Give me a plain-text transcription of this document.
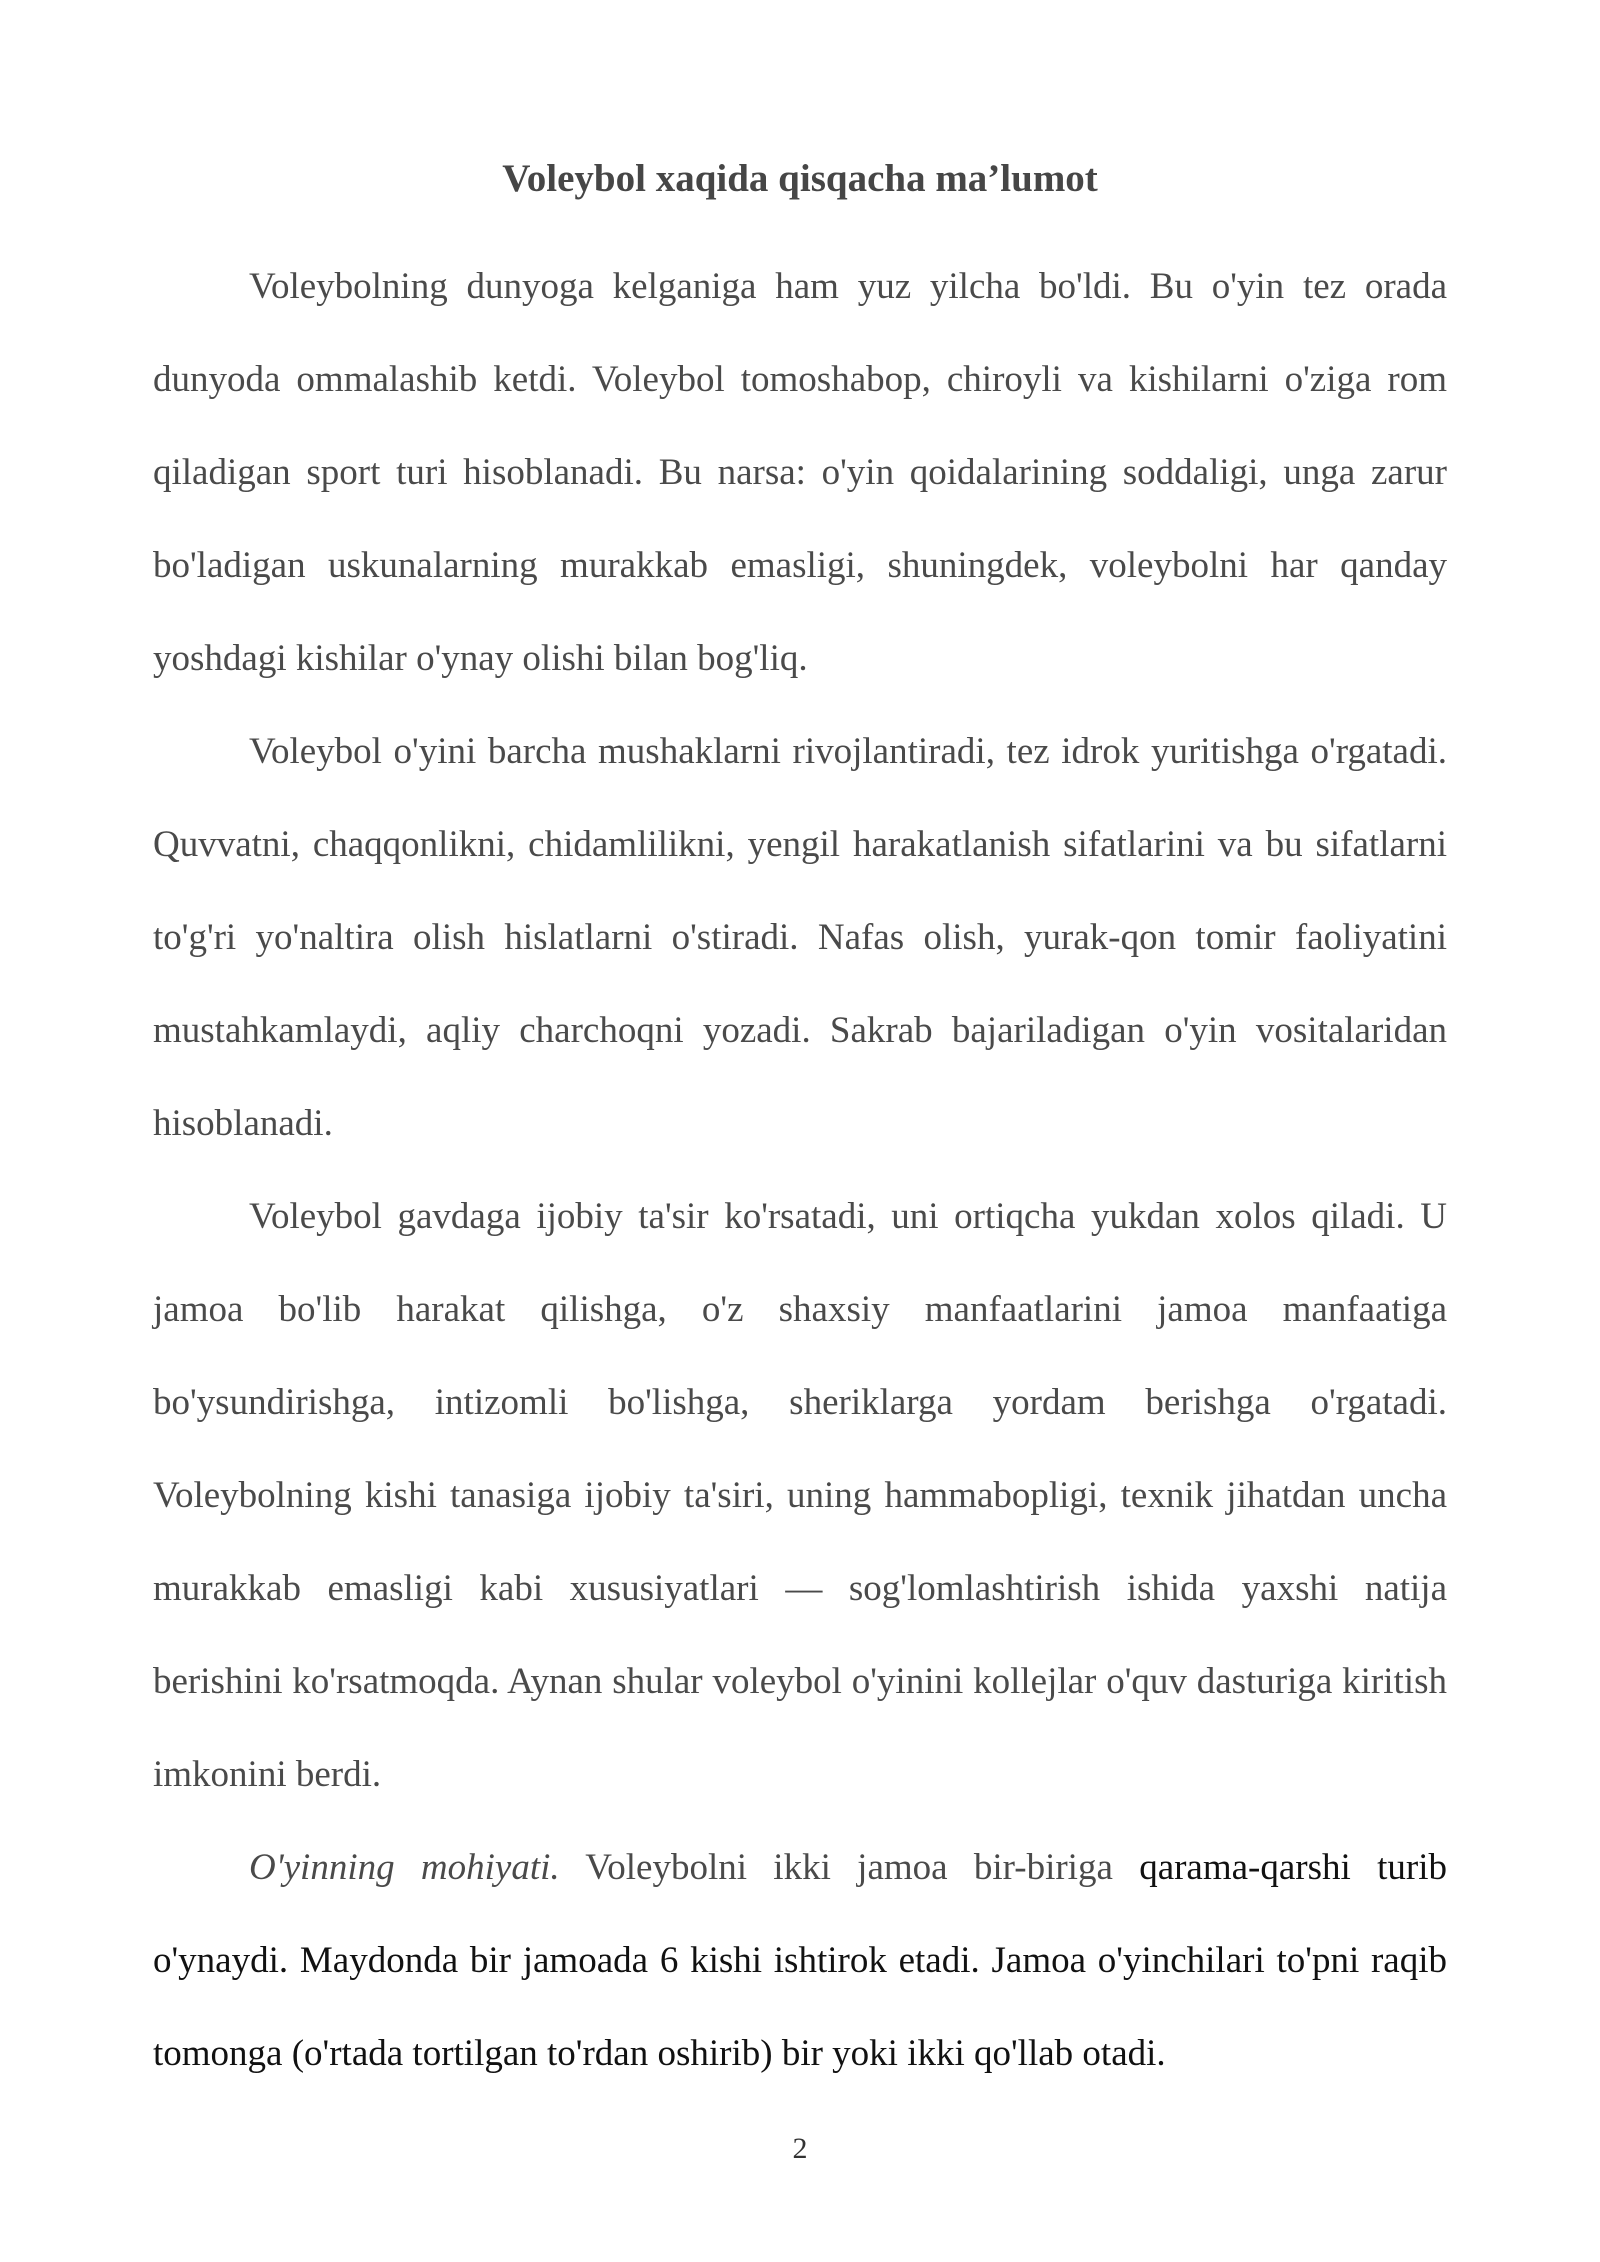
Voleybol xaqida qisqacha ma’lumot

Voleybolning dunyoga kelganiga ham yuz yilcha bo'ldi. Bu o'yin tez orada dunyoda ommalashib ketdi. Voleybol tomoshabop, chiroyli va kishilarni o'ziga rom qiladigan sport turi hisoblanadi. Bu narsa: o'yin qoidalarining soddaligi, unga zarur bo'ladigan uskunalarning murakkab emasligi, shuningdek, voleybolni har qanday yoshdagi kishilar o'ynay olishi bilan bog'liq.

Voleybol o'yini barcha mushaklarni rivojlantiradi, tez idrok yuritishga o'rgatadi. Quvvatni, chaqqonlikni, chidamlilikni, yengil harakatlanish sifatlarini va bu sifatlarni to'g'ri yo'naltira olish hislatlarni o'stiradi. Nafas olish, yurak-qon tomir faoliyatini mustahkamlaydi, aqliy charchoqni yozadi. Sakrab bajariladigan o'yin vositalaridan hisoblanadi.

Voleybol gavdaga ijobiy ta'sir ko'rsatadi, uni ortiqcha yukdan xolos qiladi. U jamoa bo'lib harakat qilishga, o'z shaxsiy manfaatlarini jamoa manfaatiga bo'ysundirishga, intizomli bo'lishga, sheriklarga yordam berishga o'rgatadi. Voleybolning kishi tanasiga ijobiy ta'siri, uning hammabopligi, texnik jihatdan uncha murakkab emasligi kabi xususiyatlari — sog'lomlashtirish ishida yaxshi natija berishini ko'rsatmoqda. Aynan shular voleybol o'yinini kollejlar o'quv dasturiga kiritish imkonini berdi.

O'yinning mohiyati. Voleybolni ikki jamoa bir-biriga qarama-qarshi turib o'ynaydi. Maydonda bir jamoada 6 kishi ishtirok etadi. Jamoa o'yinchilari to'pni raqib tomonga (o'rtada tortilgan to'rdan oshirib) bir yoki ikki qo'llab otadi.

2
